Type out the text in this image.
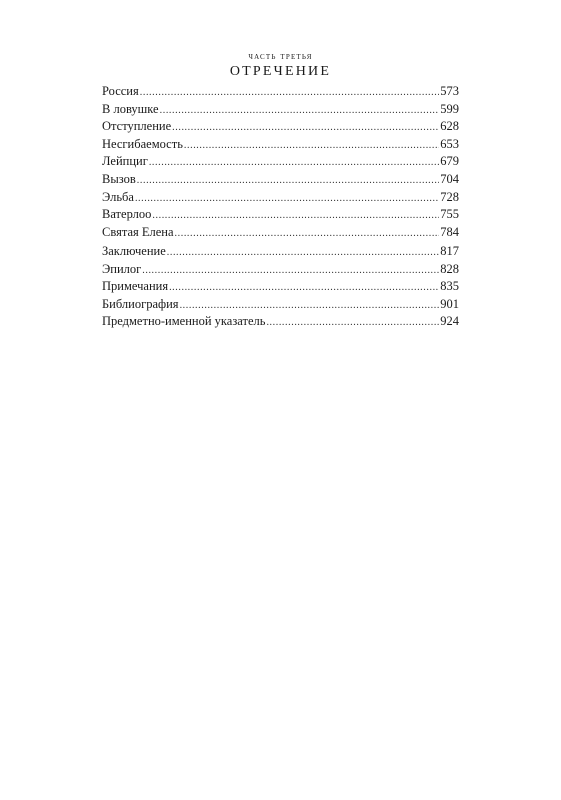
часть третья
ОТРЕЧЕНИЕ
Россия .....	573
В ловушке .....	599
Отступление .....	628
Несгибаемость .....	653
Лейпциг .....	679
Вызов .....	704
Эльба .....	728
Ватерлоо .....	755
Святая Елена .....	784
Заключение .....	817
Эпилог .....	828
Примечания .....	835
Библиография .....	901
Предметно-именной указатель .....	924
